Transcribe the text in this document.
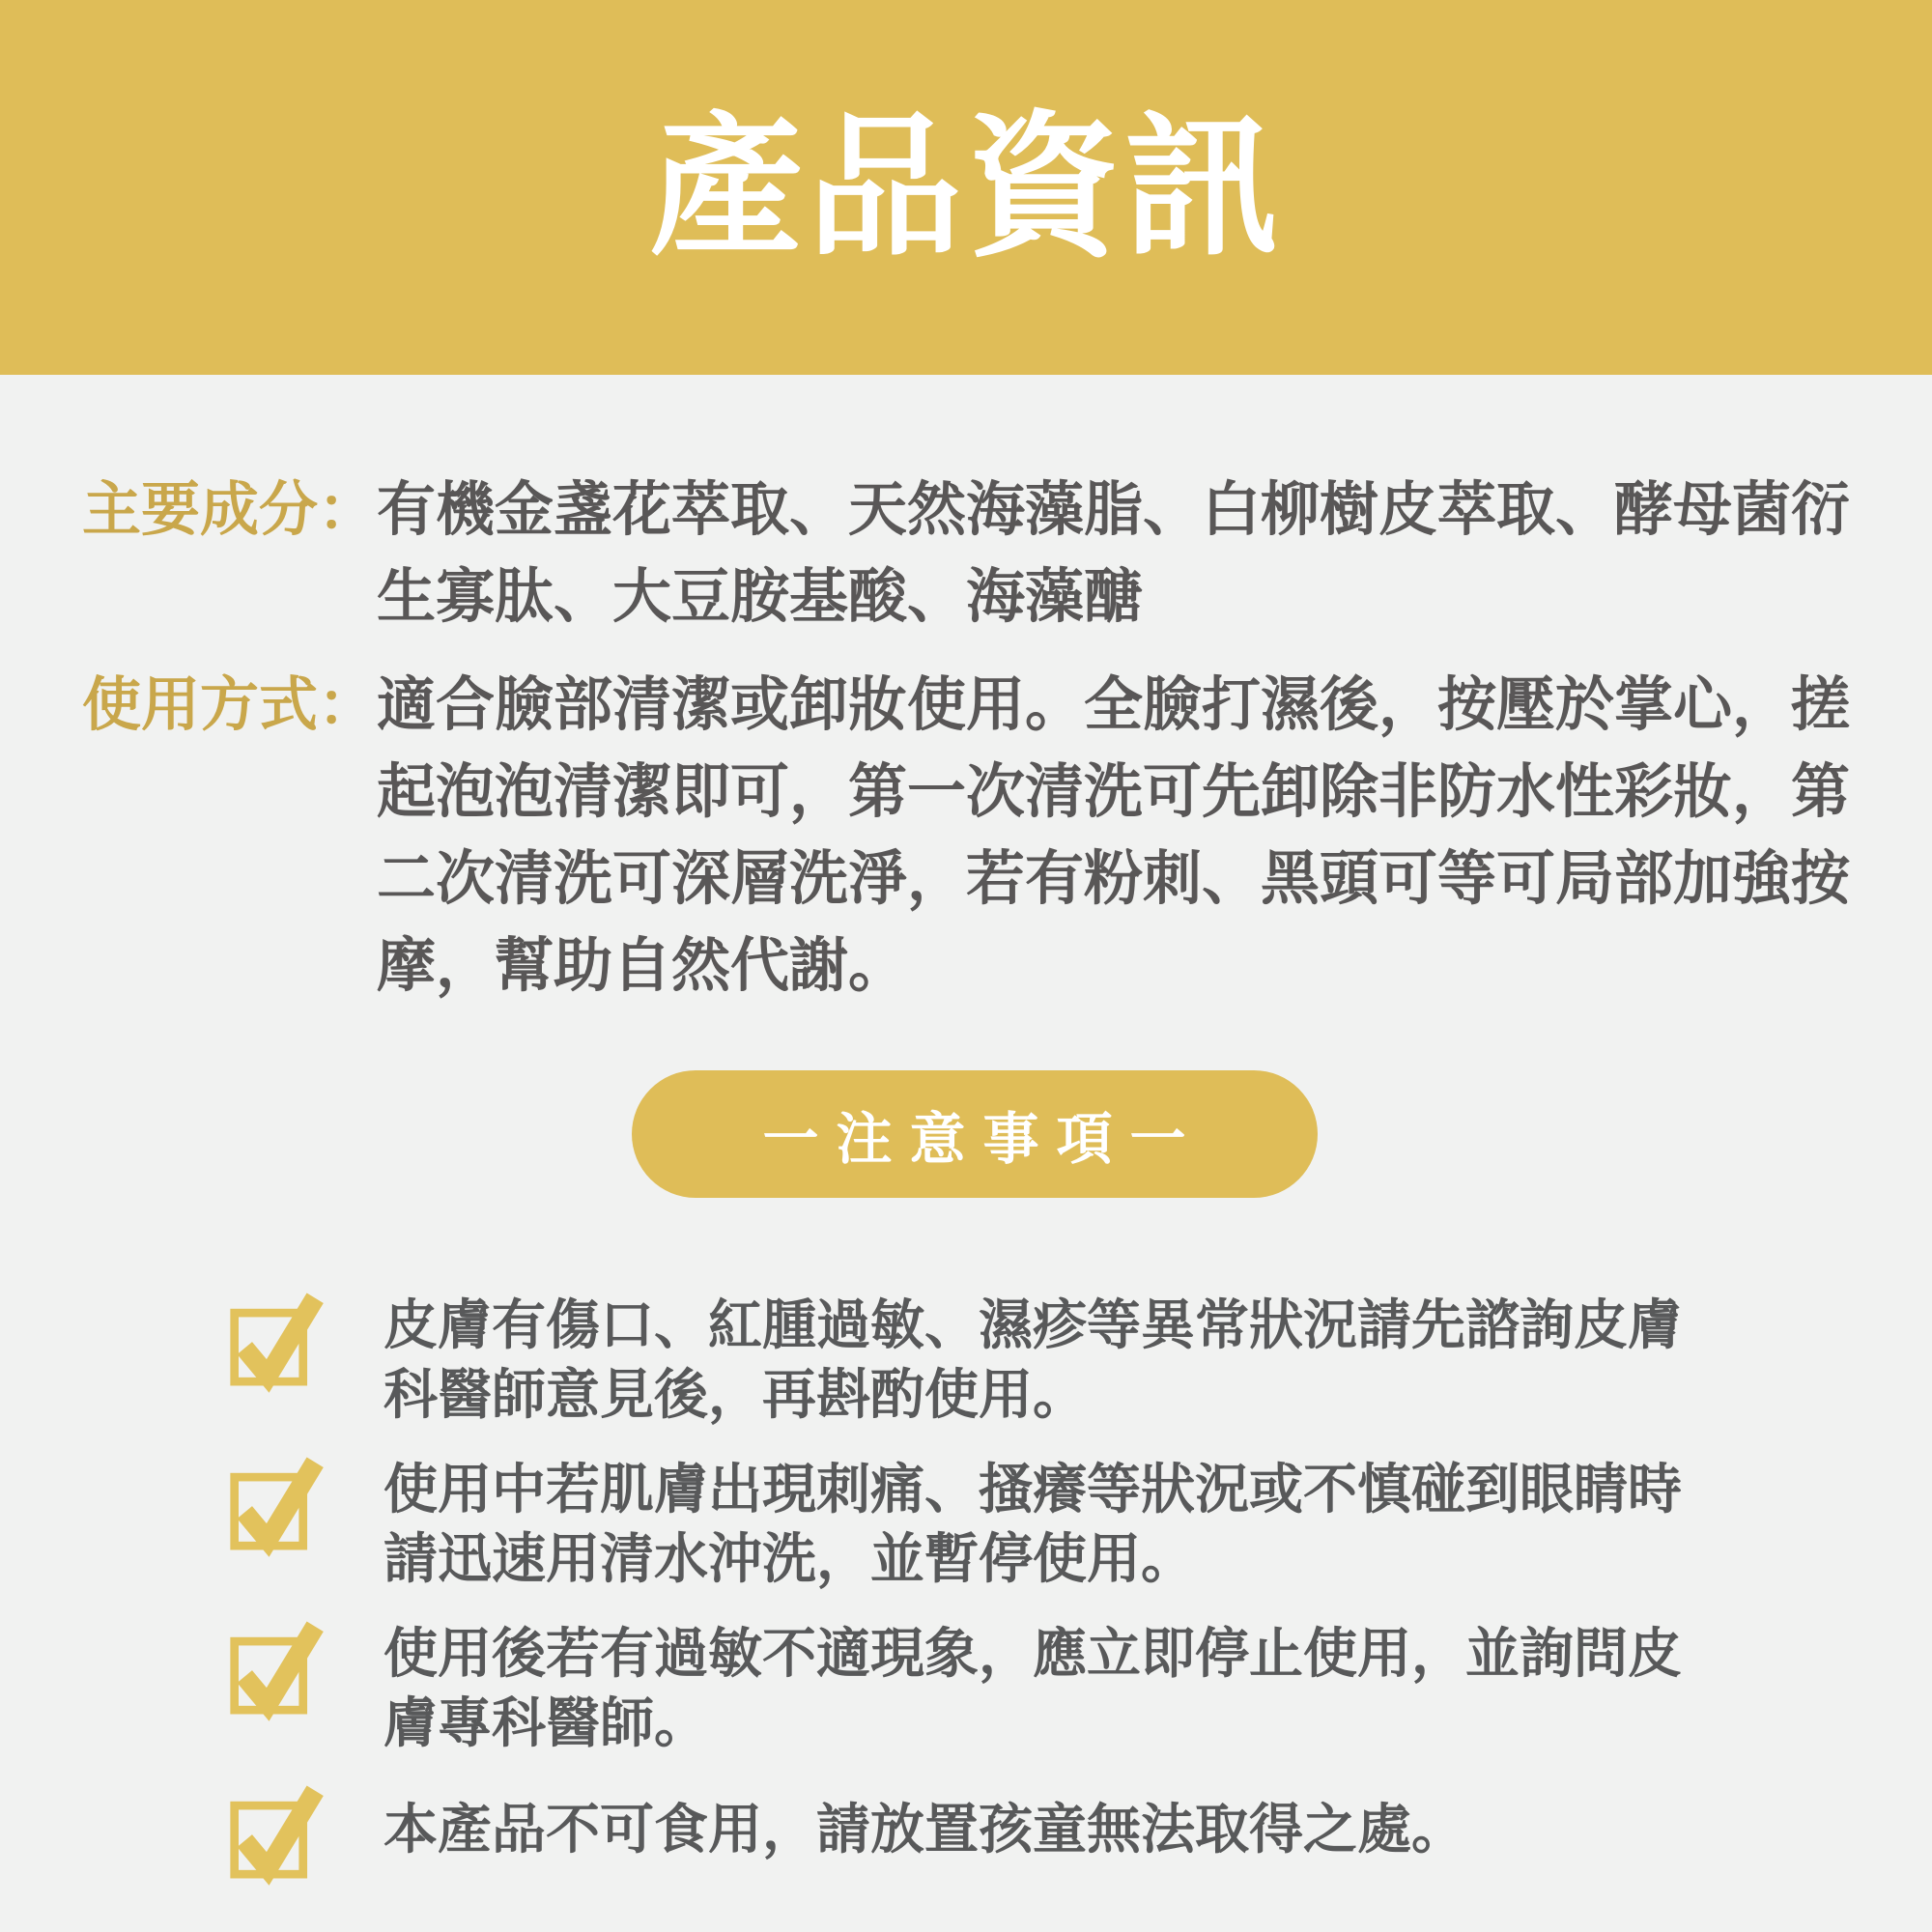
產品資訊
主要成分： 有機金盞花萃取、天然海藻脂、白柳樹皮萃取、酵母菌衍生寡肽、大豆胺基酸、海藻醣

使用方式： 適合臉部清潔或卸妝使用。全臉打濕後，按壓於掌心，搓起泡泡清潔即可，第一次清洗可先卸除非防水性彩妝，第二次清洗可深層洗淨，若有粉刺、黑頭可等可局部加強按摩，幫助自然代謝。

一注意事項一

皮膚有傷口、紅腫過敏、濕疹等異常狀況請先諮詢皮膚科醫師意見後，再斟酌使用。

使用中若肌膚出現刺痛、搔癢等狀況或不慎碰到眼睛時請迅速用清水沖洗，並暫停使用。

使用後若有過敏不適現象，應立即停止使用，並詢問皮膚專科醫師。

本產品不可食用，請放置孩童無法取得之處。
